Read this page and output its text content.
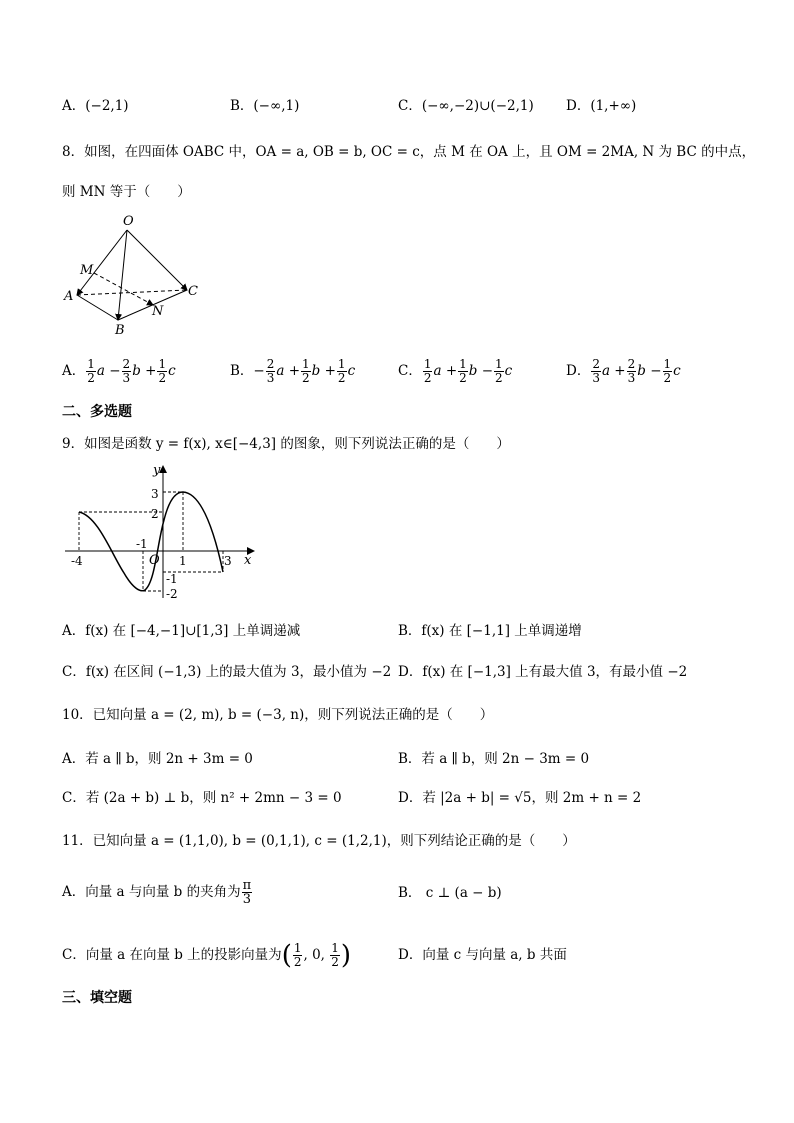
A．(−2,1)	B．(−∞,1)	C．(−∞,−2)∪(−2,1) D．(1,+∞)
8．如图，在四面体 OABC 中，OA = a, OB = b, OC = c，点 M 在 OA 上，且 OM = 2MA, N 为 BC 的中点，
则 MN 等于（　　）
O
A
B
C
M
N
A． $\frac{1}{2}$ $a - \frac{2}{3}$ $b + \frac{1}{2}$ c	B．− $\frac{2}{3}$ $a + \frac{1}{2}$ $b + \frac{1}{2}$ c	C． $\frac{1}{2}$ $a + \frac{1}{2}$ $b - \frac{1}{2}$ c	D． $\frac{2}{3}$ $a + \frac{2}{3}$ $b - \frac{1}{2}$ c
二、多选题
9．如图是函数 y = f(x), x∈[−4,3] 的图象，则下列说法正确的是（　　）
y
x
O
3
2
-1
-1
-2
-4	1	3
A．f(x) 在 [−4,−1]∪[1,3] 上单调递减	B．f(x) 在 [−1,1] 上单调递增
C．f(x) 在区间 (−1,3) 上的最大值为 3，最小值为 −2 D．f(x) 在 [−1,3] 上有最大值 3，有最小值 −2
10．已知向量 a = (2, m), b = (−3, n)，则下列说法正确的是（　　）
A．若 a ∥ b，则 2n + 3m = 0	B．若 a ∥ b，则 2n − 3m = 0
C．若 (2a + b) ⊥ b，则 n² + 2mn − 3 = 0	D．若 |2a + b| = √5，则 2m + n = 2
11．已知向量 a = (1,1,0), b = (0,1,1), c = (1,2,1)，则下列结论正确的是（　　）
A．向量 a 与向量 b 的夹角为 $\frac{\pi}{3}$	B． c ⊥ (a − b)
C．向量 a 在向量 b 上的投影向量为( $\frac{1}{2}$ , 0, $\frac{1}{2}$ )	D．向量 c 与向量 a, b 共面
三、填空题
